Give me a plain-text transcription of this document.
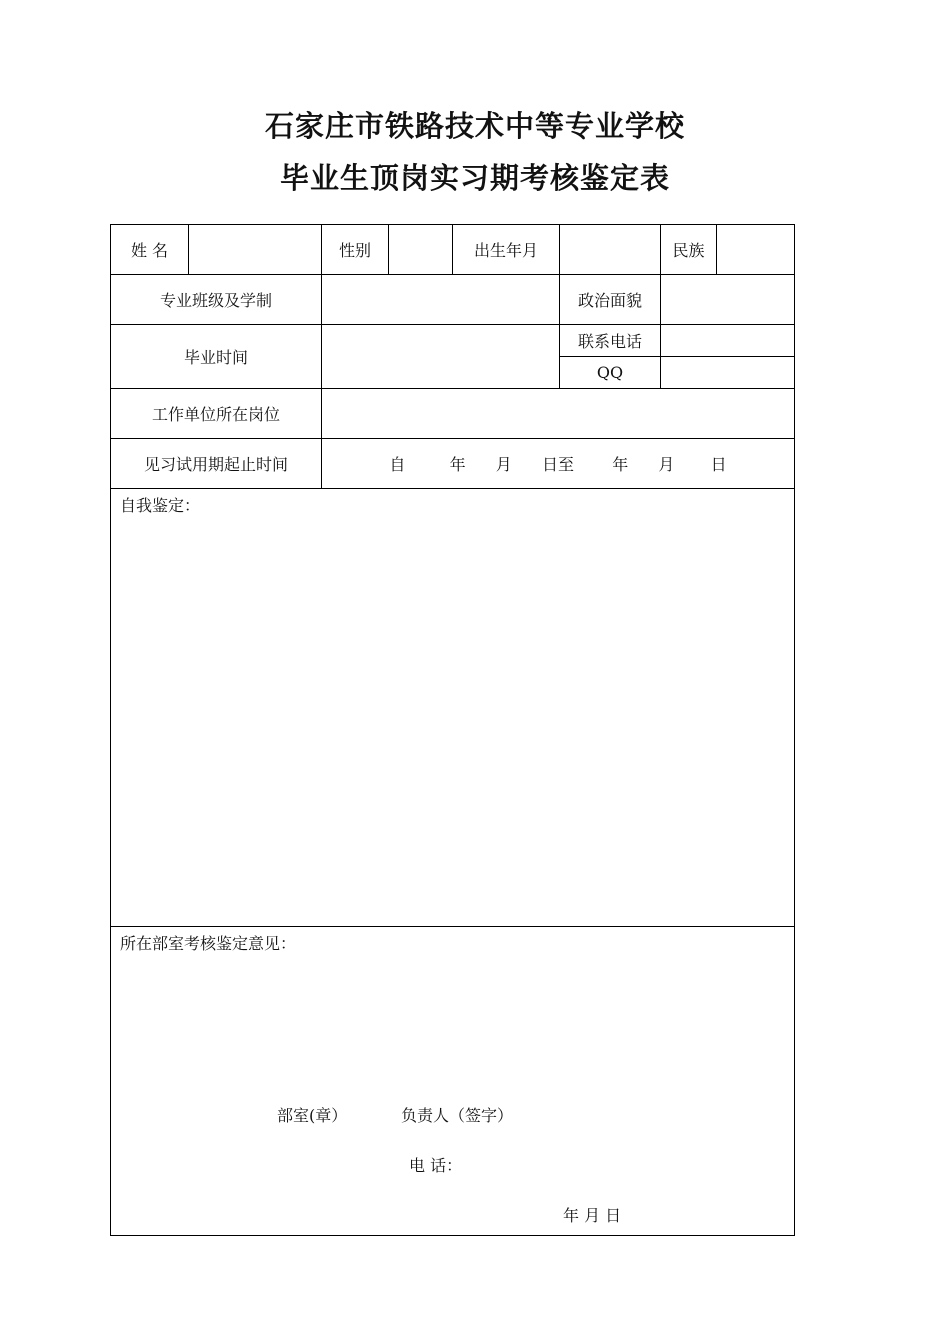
石家庄市铁路技术中等专业学校
毕业生顶岗实习期考核鉴定表
姓 名		性别		出生年月		民族	
专业班级及学制					政治面貌		
毕业时间					联系电话		
					QQ		
工作单位所在岗位							
见习试用期起止时间		自 年 月 日至 年 月 日					

自我鉴定：							

所在部室考核鉴定意见：
部室(章） 负责人（签字）
电 话：
年 月 日							
